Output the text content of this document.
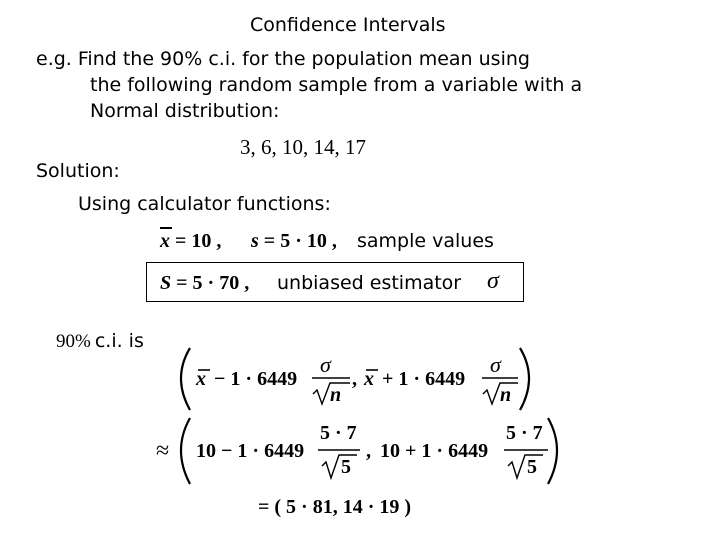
Confidence Intervals
e.g. Find the 90% c.i. for the population mean using
the following random sample from a variable with a
Normal distribution:
3, 6, 10, 14, 17
Solution:
Using calculator functions:
x = 10 , s = 5 · 10 , sample values
S = 5 · 70 , unbiased estimator σ
90% c.i. is
x − 1 · 6449
σ
n
, x + 1 · 6449
σ
n
≈ 10 − 1 · 6449
5 · 7
5
, 10 + 1 · 6449
5 · 7
5
= ( 5 · 81, 14 · 19 )
